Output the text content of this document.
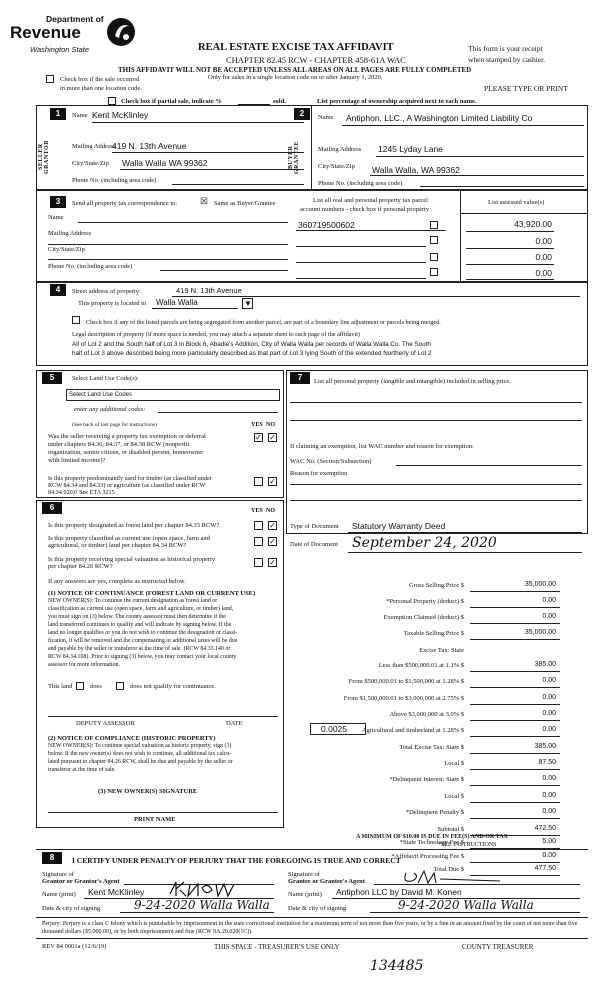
Department of
Revenue
Washington State	REAL ESTATE EXCISE TAX AFFIDAVIT
CHAPTER 82.45 RCW - CHAPTER 458-61A WAC
THIS AFFIDAVIT WILL NOT BE ACCEPTED UNLESS ALL AREAS ON ALL PAGES ARE FULLY COMPLETED
This form is your receipt
when stamped by cashier.
Only for sales in a single location code on or after January 1, 2020.
PLEASE TYPE OR PRINT
Check box if the sale occurred
in more than one location code.
Check box if partial sale, indicate %	sold.	List percentage of ownership acquired next to each name.
1	2
SELLER GRANTOR	BUYER GRANTEE
Name Kent McKlinley
Mailing Address
419 N. 13th Avenue
City/State/Zip Walla Walla WA 99362
Phone No. (including area code)
Name Antiphon, LLC., A Washington Limited Liability Co
Mailing Address 1245 Lyday Lane
City/State/Zip Walla Walla, WA 99362
Phone No. (including area code)
3	Send all property tax correspondence to:	☒ Same as Buyer/Grantee
Name
Mailing Address
City/State/Zip
Phone No. (including area code)
List all real and personal property tax parcel
account numbers - check box if personal property
List assessed value(s)
360719500602	43,920.00
0.00
0.00
0.00
4	Street address of property:	419 N. 13th Avenue
This property is located in Walla Walla	▼
Check box if any of the listed parcels are being segregated from another parcel, are part of a boundary line adjustment or parcels being merged.
Legal description of property (if more space is needed, you may attach a separate sheet to each page of the affidavit)
All of Lot 2 and the South half of Lot 3 in Block 6, Abadie's Addition, City of Walla Walla per records of Walla Walla Co. The South
half of Lot 3 above described being more particularly described as that part of Lot 3 lying South of the extended Northerly of Lot 2
5	Select Land Use Code(s):
Select Land Use Codes
enter any additional codes:
(See back of last page for instructions)	YES NO
Was the seller receiving a property tax exemption or deferral
under chapters 84.36, 84.37, or 84.38 RCW (nonprofit
organization, senior citizen, or disabled person, homeowner
with limited income)?
✓ ✓
Is this property predominantly used for timber (as classified under
RCW 84.34 and 84.33) or agriculture (as classified under RCW
84.34.020)? See ETA 3215
✓
6	YES NO
Is this property designated as forest land per chapter 84.33 RCW?	✓
Is this property classified as current use (open space, farm and
agricultural, or timber) land per chapter 84.34 RCW?	✓
Is this property receiving special valuation as historical property
per chapter 84.26 RCW?	✓
If any answers are yes, complete as instructed below.
(1) NOTICE OF CONTINUANCE (FOREST LAND OR CURRENT USE)
NEW OWNER(S): To continue the current designation as forest land or
classification as current use (open space, farm and agriculture, or timber) land,
you must sign on (3) below. The county assessor must then determine if the
land transferred continues to qualify and will indicate by signing below. If the
land no longer qualifies or you do not wish to continue the designation or classi-
fication, it will be removed and the compensating or additional taxes will be due
and payable by the seller or transferor at the time of sale. (RCW 84.33.140 or
RCW 84.34.108). Prior to signing (3) below, you may contact your local county
assessor for more information.
This land	does	does not qualify for continuance.
DEPUTY ASSESSOR	DATE
(2) NOTICE OF COMPLIANCE (HISTORIC PROPERTY)
NEW OWNER(S): To continue special valuation as historic property, sign (3)
below. If the new owner(s) does not wish to continue, all additional tax calcu-
lated pursuant to chapter 84.26 RCW, shall be due and payable by the seller or
transferor at the time of sale.
(3) NEW OWNER(S) SIGNATURE
PRINT NAME
7	List all personal property (tangible and intangible) included in selling price.
If claiming an exemption, list WAC number and reason for exemption:
WAC No. (Section/Subsection)
Reason for exemption
Type of Document Statutory Warranty Deed
Date of Document September 24, 2020
Gross Selling Price $	35,000.00
*Personal Property (deduct) $	0.00
Exemption Claimed (deduct) $	0.00
Taxable Selling Price $	35,000.00
Excise Tax: State
Less than $500,000.01 at 1.1% $	385.00
From $500,000.01 to $1,500,000 at 1.28% $	0.00
From $1,500,000.01 to $3,000,000 at 2.75% $	0.00
Above $3,000,000 at 3.0% $	0.00
Agricultural and timberland at 1.28% $	0.00
Total Excise Tax: State $	385.00
Local $	87.50
*Delinquent Interest: State $	0.00
Local $	0.00
*Delinquent Penalty $	0.00
Subtotal $	472.50
*State Technology Fee $	5.00
*Affidavit Processing Fee $	0.00
Total Due $	477.50
0.0025
A MINIMUM OF $10.00 IS DUE IN FEE(S) AND/OR TAX
*SEE INSTRUCTIONS
8	I CERTIFY UNDER PENALTY OF PERJURY THAT THE FOREGOING IS TRUE AND CORRECT
Signature of
Grantor or Grantor's Agent
Name (print) Kent McKlinley
Date & city of signing	9-24-2020 Walla Walla
Signature of
Grantee or Grantee's Agent
Name (print) Antiphon LLC by David M. Konen
Date & city of signing	9-24-2020 Walla Walla
Perjury: Perjury is a class C felony which is punishable by imprisonment in the state correctional institution for a maximum term of not more than five years, or by a fine in an amount fixed by the court of not more than five thousand dollars ($5,000.00), or by both imprisonment and fine (RCW 9A.20.020(1C)).
REV 84 0001a (12/6/19)	THIS SPACE - TREASURER'S USE ONLY	COUNTY TREASURER
134485
